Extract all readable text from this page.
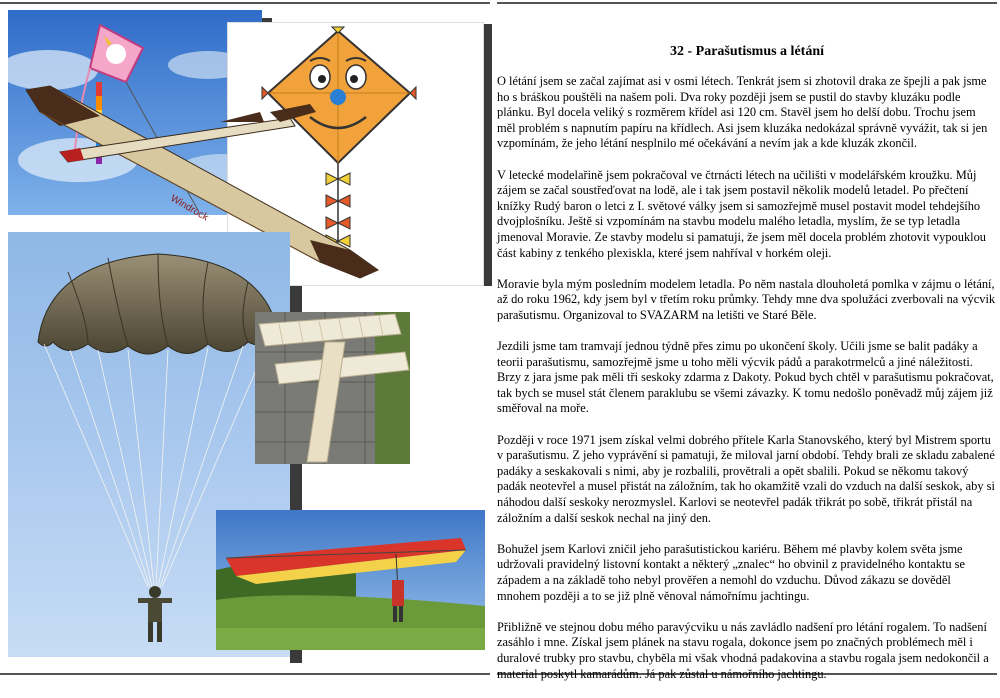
Windrock
32 - Parašutismus a létání

O létání jsem se začal zajímat asi v osmi létech. Tenkrát jsem si zhotovil draka ze špejli a pak jsme ho s bráškou pouštěli na našem poli. Dva roky později jsem se pustil do stavby kluzáku podle plánku. Byl docela veliký s rozměrem křídel asi 120 cm. Stavěl jsem ho delší dobu. Trochu jsem měl problém s napnutím papíru na křídlech. Asi jsem kluzáka nedokázal správně vyvážit, tak si jen vzpomínám, že jeho létání nesplnilo mé očekávání a nevím jak a kde kluzák zkončil.

V letecké modelařině jsem pokračoval ve čtrnácti létech na učilišti v modelářském kroužku. Můj zájem se začal soustřeďovat na lodě, ale i tak jsem postavil několik modelů letadel. Po přečtení knížky Rudý baron o letci z I. světové války jsem si samozřejmě musel postavit model tehdejšího dvojplošníku. Ještě si vzpomínám na stavbu modelu malého letadla, myslím, že se typ letadla jmenoval Moravie. Ze stavby modelu si pamatuji, že jsem měl docela problém zhotovit vypouklou část kabiny z tenkého plexiskla, které jsem nahříval v horkém oleji.

Moravie byla mým posledním modelem letadla. Po něm nastala dlouholetá pomlka v zájmu o létání, až do roku 1962, kdy jsem byl v třetím roku průmky. Tehdy mne dva spolužáci zverbovali na výcvik parašutismu. Organizoval to SVAZARM na letišti ve Staré Běle.

Jezdili jsme tam tramvají jednou týdně přes zimu po ukončení školy. Učili jsme se balit padáky a teorii parašutismu, samozřejmě jsme u toho měli výcvik pádů a parakotrmelců a jiné náležitosti. Brzy z jara jsme pak měli tři seskoky zdarma z Dakoty. Pokud bych chtěl v parašutismu pokračovat, tak bych se musel stát členem paraklubu se všemi závazky. K tomu nedošlo poněvadž můj zájem již směřoval na moře.

Později v roce 1971 jsem získal velmi dobrého přítele Karla Stanovského, který byl Mistrem sportu v parašutismu. Z jeho vyprávění si pamatuji, že miloval jarní období. Tehdy brali ze skladu zabalené padáky a seskakovali s nimi, aby je rozbalili, provětrali a opět sbalili. Pokud se někomu takový padák neotevřel a musel přistát na záložním, tak ho okamžitě vzali do vzduch na další seskok, aby si náhodou další seskoky nerozmyslel. Karlovi se neotevřel padák třikrát po sobě, třikrát přistál na záložním a další seskok nechal na jiný den.

Bohužel jsem Karlovi zničil jeho parašutistickou kariéru. Během mé plavby kolem světa jsme udržovali pravidelný listovní kontakt a některý „znalec“ ho obvinil z pravidelného kontaktu se západem a na základě toho nebyl prověřen a nemohl do vzduchu. Důvod zákazu se dověděl mnohem později a to se již plně věnoval námořnímu jachtingu.

Přibližně ve stejnou dobu mého paravýcviku u nás zavládlo nadšení pro létání rogalem. To nadšení zasáhlo i mne. Získal jsem plánek na stavu rogala, dokonce jsem po značných problémech měl i duralové trubky pro stavbu, chyběla mi však vhodná padakovina a stavbu rogala jsem nedokončil a material poskytl kamarádům. Já pak zůstal u námořního jachtingu.
